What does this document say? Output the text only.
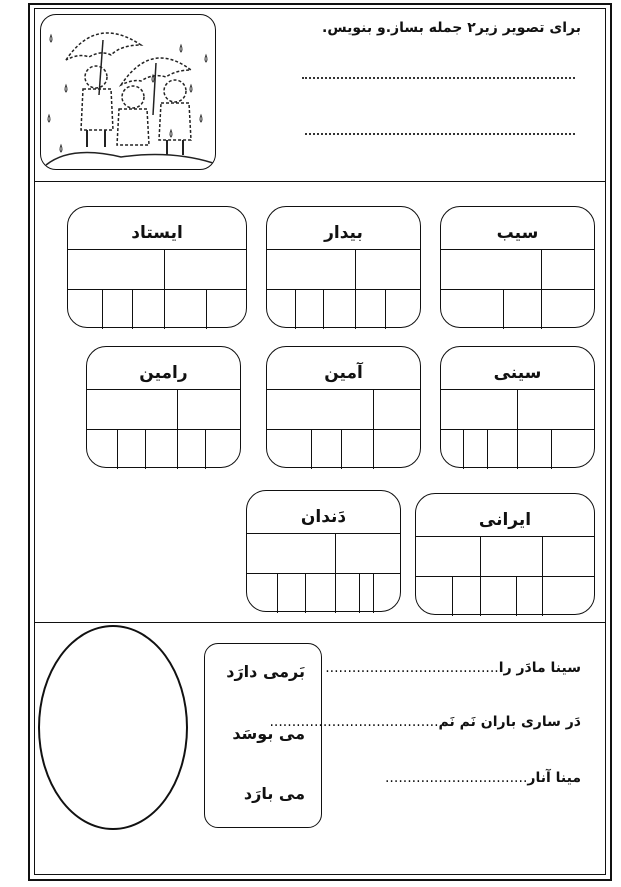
برای تصویر زیر۲ جمله بساز.و بنویس.
سیب
بیدار
ایستاد
سینی
آمین
رامین
ایرانی
دَندان
بَرمی دارَد
می بوسَد
می بارَد
سینا مادَر را.......................................
دَر ساری باران نَم نَم......................................
مینا آنار................................
